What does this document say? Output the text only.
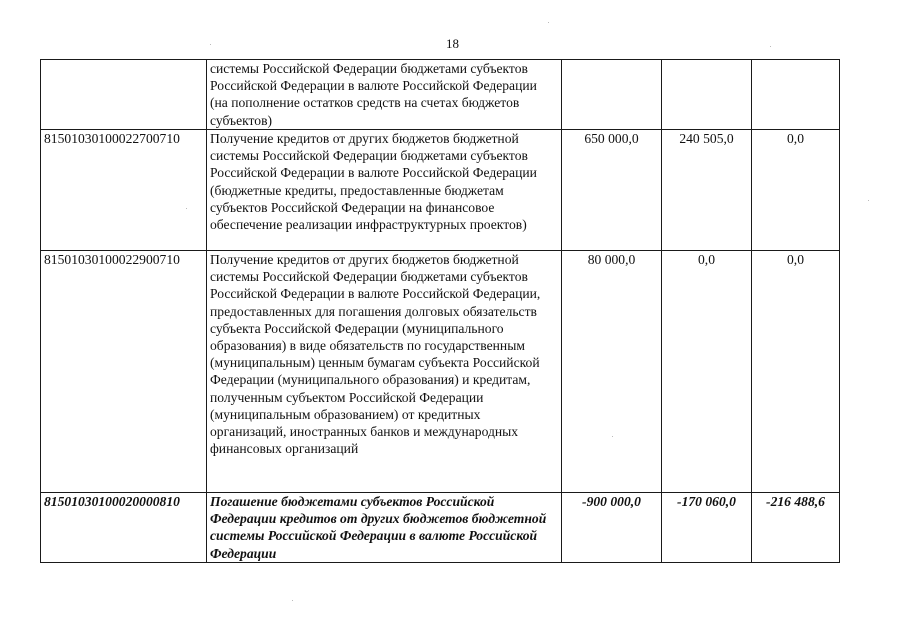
18
	системы Российской Федерации бюджетами субъектов Российской Федерации в валюте Российской Федерации (на пополнение остатков средств на счетах бюджетов субъектов)			
81501030100022700710	Получение кредитов от других бюджетов бюджетной системы Российской Федерации бюджетами субъектов Российской Федерации в валюте Российской Федерации (бюджетные кредиты, предоставленные бюджетам субъектов Российской Федерации на финансовое обеспечение реализации инфраструктурных проектов)	650 000,0	240 505,0	0,0
81501030100022900710	Получение кредитов от других бюджетов бюджетной системы Российской Федерации бюджетами субъектов Российской Федерации в валюте Российской Федерации, предоставленных для погашения долговых обязательств субъекта Российской Федерации (муниципального образования) в виде обязательств по государственным (муниципальным) ценным бумагам субъекта Российской Федерации (муниципального образования) и кредитам, полученным субъектом Российской Федерации (муниципальным образованием) от кредитных организаций, иностранных банков и международных финансовых организаций	80 000,0	0,0	0,0
81501030100020000810	Погашение бюджетами субъектов Российской Федерации кредитов от других бюджетов бюджетной системы Российской Федерации в валюте Российской Федерации	-900 000,0	-170 060,0	-216 488,6
